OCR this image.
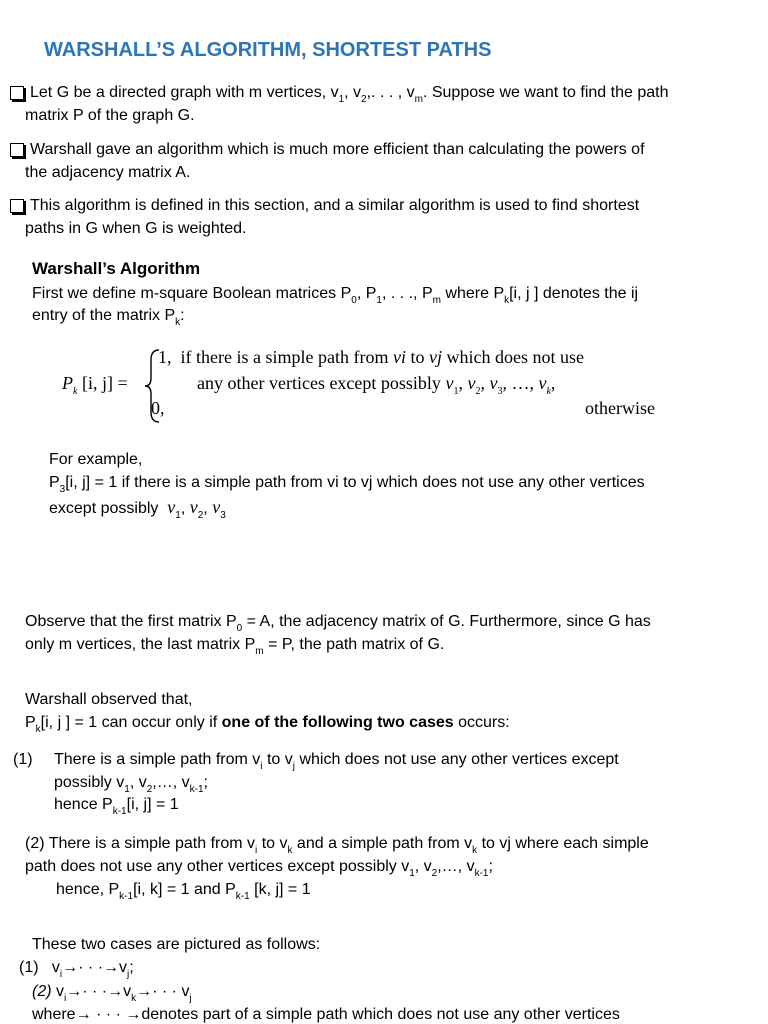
WARSHALL’S ALGORITHM, SHORTEST PATHS
Let G be a directed graph with m vertices, $v_1$, $v_2$,. . . , $v_m$. Suppose we want to find the path
matrix P of the graph G.
Warshall gave an algorithm which is much more efficient than calculating the powers of
the adjacency matrix A.
This algorithm is defined in this section, and a similar algorithm is used to find shortest
paths in G when G is weighted.
Warshall’s Algorithm
First we define m-square Boolean matrices $P_0$, $P_1$, . . ., $P_m$ where $P_k[i$, j ] denotes the ij
entry of the matrix $P_k$:
$P_k$ [i, j] =
1, if there is a simple path from vi to vj which does not use
any other vertices except possibly $v_1$, $v_2$, $v_3$, …, $v_k$,
0,	otherwise
For example,
$P_3[i$, j] = 1 if there is a simple path from vi to vj which does not use any other vertices
except possibly $v_1$, $v_2$, $v_3$
Observe that the first matrix $P_0 = A$, the adjacency matrix of G. Furthermore, since G has
only m vertices, the last matrix $P_m = P$, the path matrix of G.
Warshall observed that,
$P_k[i$, j ] = 1 can occur only if one of the following two cases occurs:
(1) There is a simple path from $v_i$ to $v_j$ which does not use any other vertices except
possibly $v_1$, $v_2,\dots$, $v_{k-1}$;
hence $P_{k-1}[i$, j] = 1
(2) There is a simple path from $v_i$ to $v_k$ and a simple path from $v_k$ to vj where each simple
path does not use any other vertices except possibly $v_1$, $v_2,\dots$, $v_{k-1}$;
hence, $P_{k-1}[i$, k] = 1 and $P_{k-1}$ [k, j] = 1
These two cases are pictured as follows:
(1) $v_i\to\cdot \cdot \cdot\to v_j$;
(2) $v_i\to\cdot \cdot \cdot\to v_k\to\cdot$ · · $v_j$
where→ · · · →denotes part of a simple path which does not use any other vertices
